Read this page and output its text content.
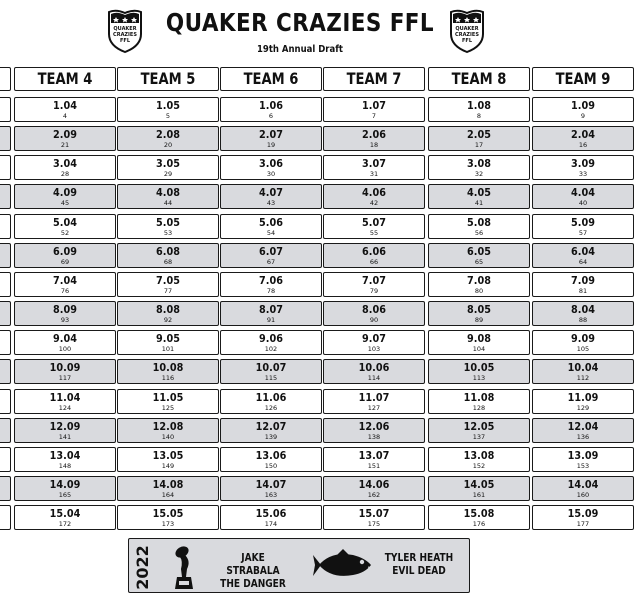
QUAKER
CRAZIES
FFL
QUAKER CRAZIES FFL
19th Annual Draft
QUAKER
CRAZIES
FFL
TEAM 4
1.04
4
2.09
21
3.04
28
4.09
45
5.04
52
6.09
69
7.04
76
8.09
93
9.04
100
10.09
117
11.04
124
12.09
141
13.04
148
14.09
165
15.04
172
TEAM 5
1.05
5
2.08
20
3.05
29
4.08
44
5.05
53
6.08
68
7.05
77
8.08
92
9.05
101
10.08
116
11.05
125
12.08
140
13.05
149
14.08
164
15.05
173
TEAM 6
1.06
6
2.07
19
3.06
30
4.07
43
5.06
54
6.07
67
7.06
78
8.07
91
9.06
102
10.07
115
11.06
126
12.07
139
13.06
150
14.07
163
15.06
174
TEAM 7
1.07
7
2.06
18
3.07
31
4.06
42
5.07
55
6.06
66
7.07
79
8.06
90
9.07
103
10.06
114
11.07
127
12.06
138
13.07
151
14.06
162
15.07
175
TEAM 8
1.08
8
2.05
17
3.08
32
4.05
41
5.08
56
6.05
65
7.08
80
8.05
89
9.08
104
10.05
113
11.08
128
12.05
137
13.08
152
14.05
161
15.08
176
TEAM 9
1.09
9
2.04
16
3.09
33
4.04
40
5.09
57
6.04
64
7.09
81
8.04
88
9.09
105
10.04
112
11.09
129
12.04
136
13.09
153
14.04
160
15.09
177
2022	JAKE STRABALA
THE DANGER
TYLER HEATH
EVIL DEAD
